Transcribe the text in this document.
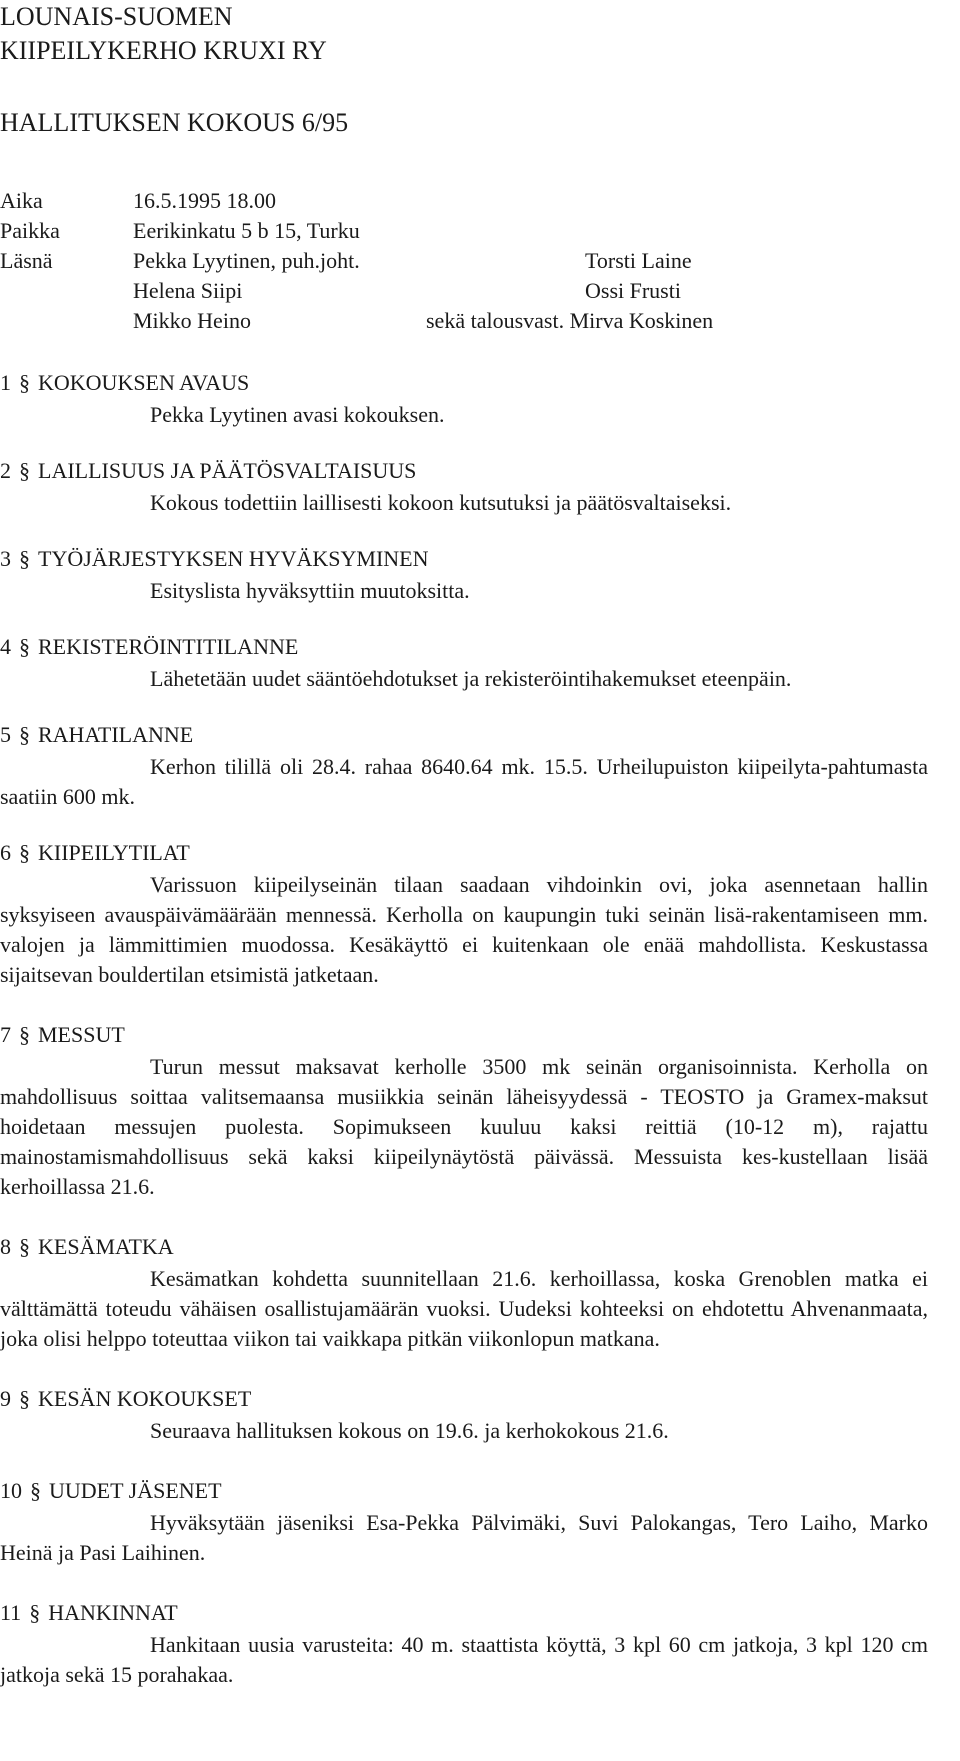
LOUNAIS-SUOMEN
KIIPEILYKERHO KRUXI RY
HALLITUKSEN KOKOUS 6/95
Aika	16.5.1995 18.00
Paikka	Eerikinkatu 5 b 15, Turku
Läsnä	Pekka Lyytinen, puh.joht.	Torsti Laine
Helena Siipi	Ossi Frusti
Mikko Heino	sekä talousvast. Mirva Koskinen
1 § KOKOUKSEN AVAUS

Pekka Lyytinen avasi kokouksen.

2 § LAILLISUUS JA PÄÄTÖSVALTAISUUS

Kokous todettiin laillisesti kokoon kutsutuksi ja päätösvaltaiseksi.

3 § TYÖJÄRJESTYKSEN HYVÄKSYMINEN

Esityslista hyväksyttiin muutoksitta.

4 § REKISTERÖINTITILANNE

Lähetetään uudet sääntöehdotukset ja rekisteröintihakemukset eteenpäin.

5 § RAHATILANNE

Kerhon tilillä oli 28.4. rahaa 8640.64 mk. 15.5. Urheilupuiston kiipeilyta-pahtumasta saatiin 600 mk.

6 § KIIPEILYTILAT

Varissuon kiipeilyseinän tilaan saadaan vihdoinkin ovi, joka asennetaan hallin syksyiseen avauspäivämäärään mennessä. Kerholla on kaupungin tuki seinän lisä-rakentamiseen mm. valojen ja lämmittimien muodossa. Kesäkäyttö ei kuitenkaan ole enää mahdollista. Keskustassa sijaitsevan bouldertilan etsimistä jatketaan.

7 § MESSUT

Turun messut maksavat kerholle 3500 mk seinän organisoinnista. Kerholla on mahdollisuus soittaa valitsemaansa musiikkia seinän läheisyydessä - TEOSTO ja Gramex-maksut hoidetaan messujen puolesta. Sopimukseen kuuluu kaksi reittiä (10-12 m), rajattu mainostamismahdollisuus sekä kaksi kiipeilynäytöstä päivässä. Messuista kes-kustellaan lisää kerhoillassa 21.6.

8 § KESÄMATKA

Kesämatkan kohdetta suunnitellaan 21.6. kerhoillassa, koska Grenoblen matka ei välttämättä toteudu vähäisen osallistujamäärän vuoksi. Uudeksi kohteeksi on ehdotettu Ahvenanmaata, joka olisi helppo toteuttaa viikon tai vaikkapa pitkän viikonlopun matkana.

9 § KESÄN KOKOUKSET

Seuraava hallituksen kokous on 19.6. ja kerhokokous 21.6.

10 § UUDET JÄSENET

Hyväksytään jäseniksi Esa-Pekka Pälvimäki, Suvi Palokangas, Tero Laiho, Marko Heinä ja Pasi Laihinen.

11 § HANKINNAT

Hankitaan uusia varusteita: 40 m. staattista köyttä, 3 kpl 60 cm jatkoja, 3 kpl 120 cm jatkoja sekä 15 porahakaa.
